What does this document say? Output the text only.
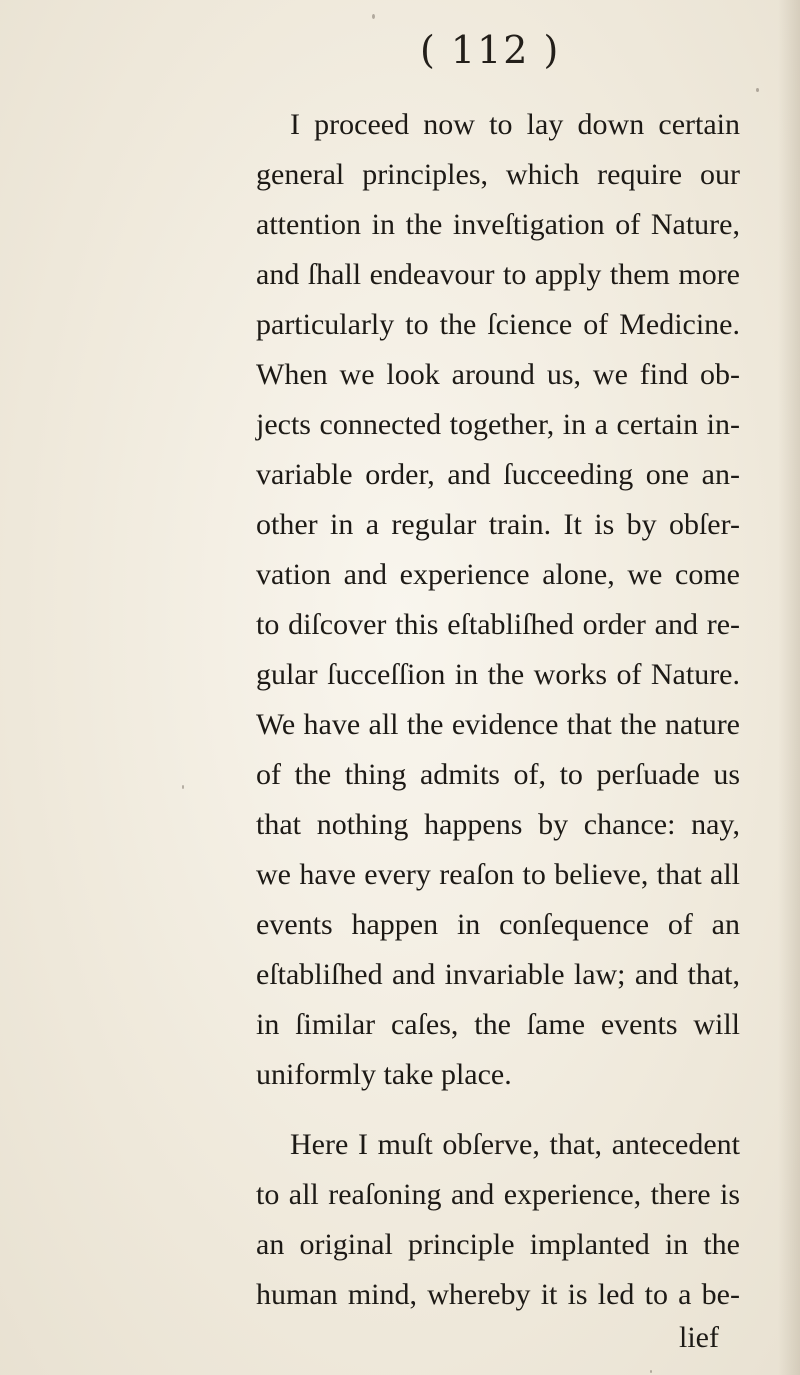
( 112 )
I proceed now to lay down certain
general principles, which require our
attention in the inveſtigation of Nature,
and ſhall endeavour to apply them more
particularly to the ſcience of Medicine.
When we look around us, we find ob-
jects connected together, in a certain in-
variable order, and ſucceeding one an-
other in a regular train. It is by obſer-
vation and experience alone, we come
to diſcover this eſtabliſhed order and re-
gular ſucceſſion in the works of Nature.
We have all the evidence that the nature
of the thing admits of, to perſuade us
that nothing happens by chance: nay,
we have every reaſon to believe, that all
events happen in conſequence of an
eſtabliſhed and invariable law; and that,
in ſimilar caſes, the ſame events will
uniformly take place.
Here I muſt obſerve, that, antecedent
to all reaſoning and experience, there is
an original principle implanted in the
human mind, whereby it is led to a be-
lief
